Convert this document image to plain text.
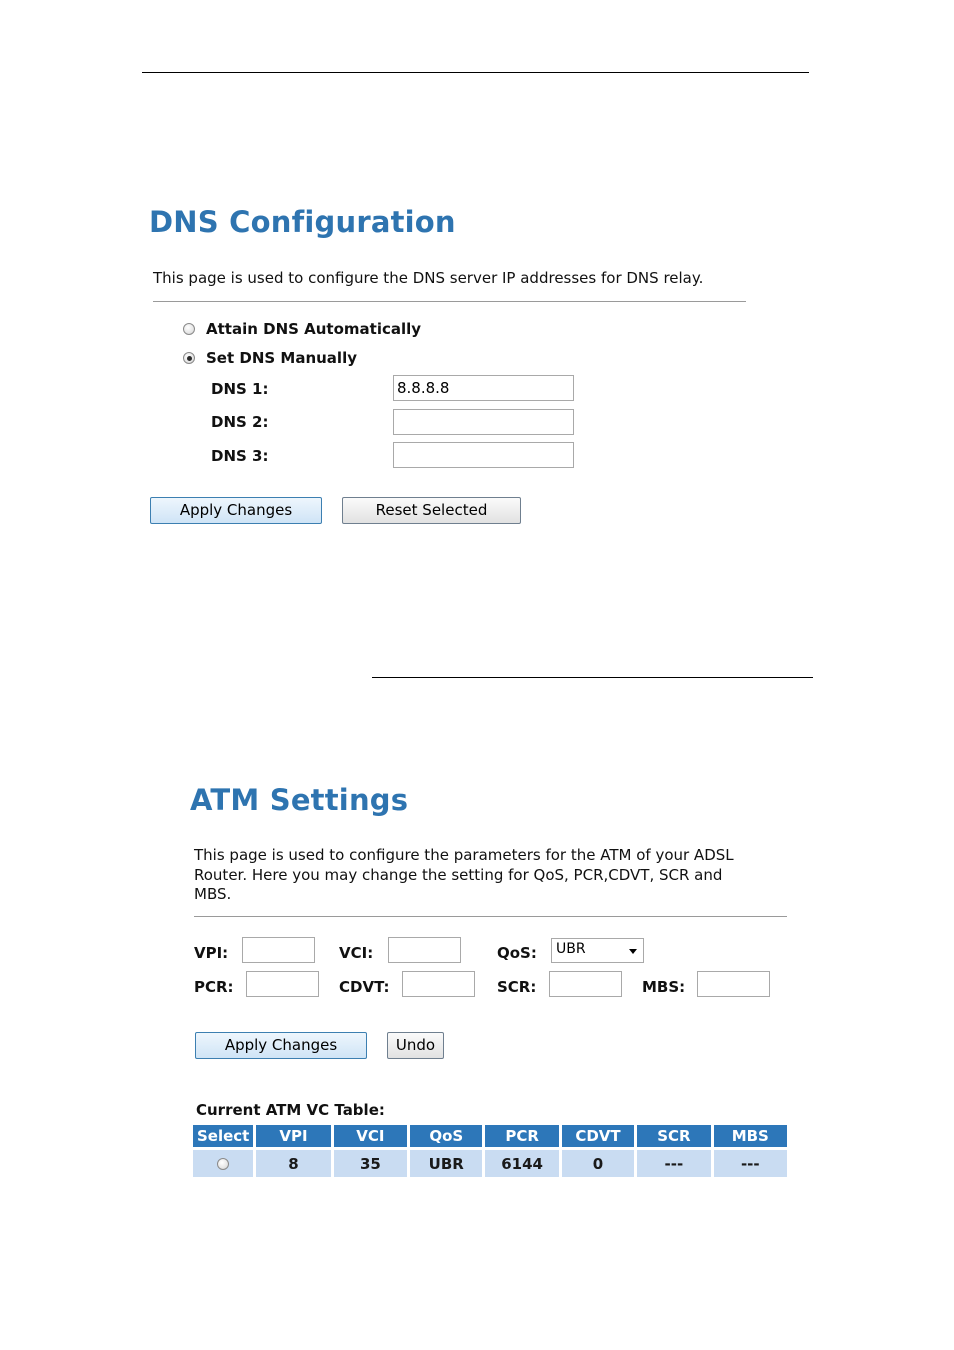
DNS Configuration
This page is used to configure the DNS server IP addresses for DNS relay.
Attain DNS Automatically
Set DNS Manually
DNS 1:
8.8.8.8
DNS 2:
DNS 3:
Apply Changes	Reset Selected
ATM Settings
This page is used to configure the parameters for the ATM of your ADSL
Router. Here you may change the setting for QoS, PCR,CDVT, SCR and
MBS.
VPI:	VCI:	QoS:	UBR
PCR:	CDVT:	SCR:	MBS:
Apply Changes	Undo
Current ATM VC Table:
Select	VPI	VCI	QoS	PCR	CDVT	SCR	MBS
	8	35	UBR	6144	0	---	---
